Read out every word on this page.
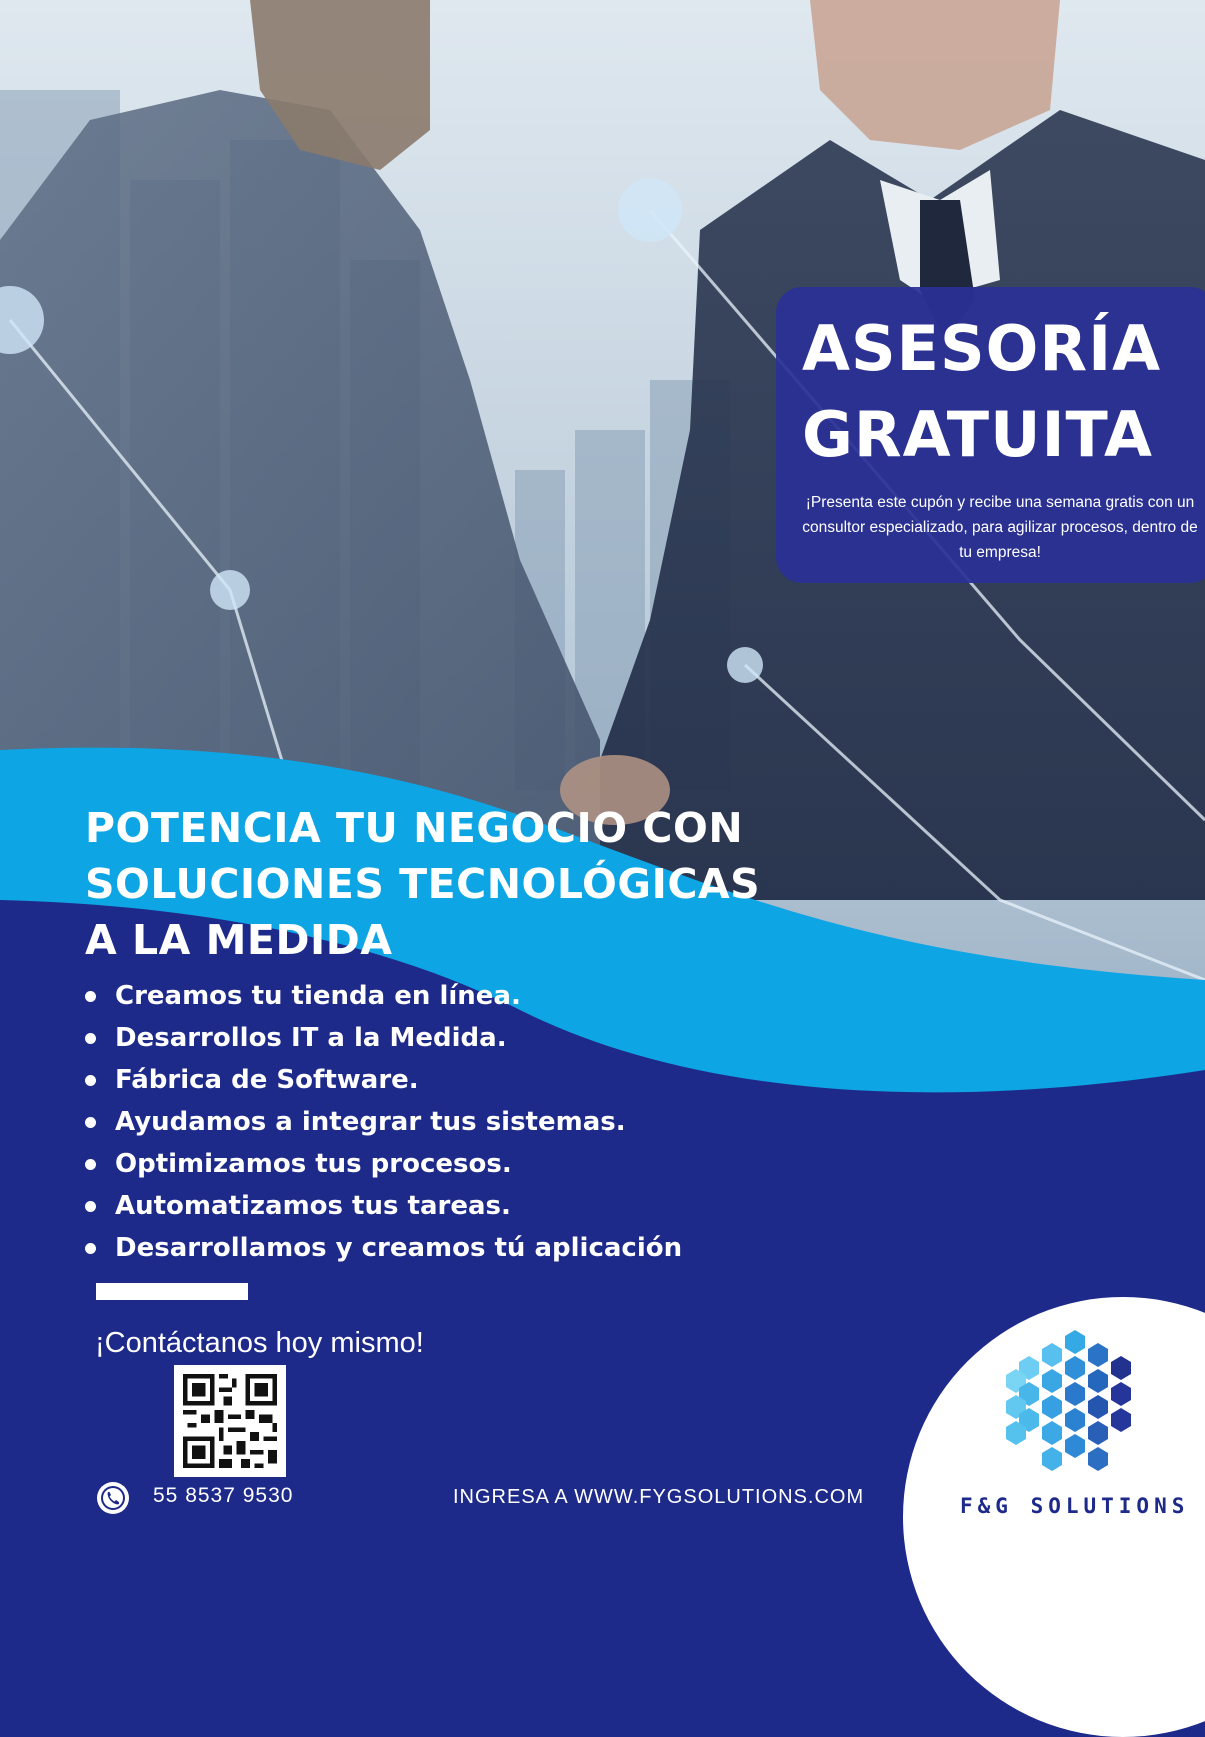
ASESORÍA
GRATUITA
¡Presenta este cupón y recibe una semana gratis con un consultor especializado, para agilizar procesos, dentro de tu empresa!
POTENCIA TU NEGOCIO CON
SOLUCIONES TECNOLÓGICAS
A LA MEDIDA
Creamos tu tienda en línea.
Desarrollos IT a la Medida.
Fábrica de Software.
Ayudamos a integrar tus sistemas.
Optimizamos tus procesos.
Automatizamos tus tareas.
Desarrollamos y creamos tú aplicación
¡Contáctanos hoy mismo!
55 8537 9530	INGRESA A WWW.FYGSOLUTIONS.COM	F&G SOLUTIONS
